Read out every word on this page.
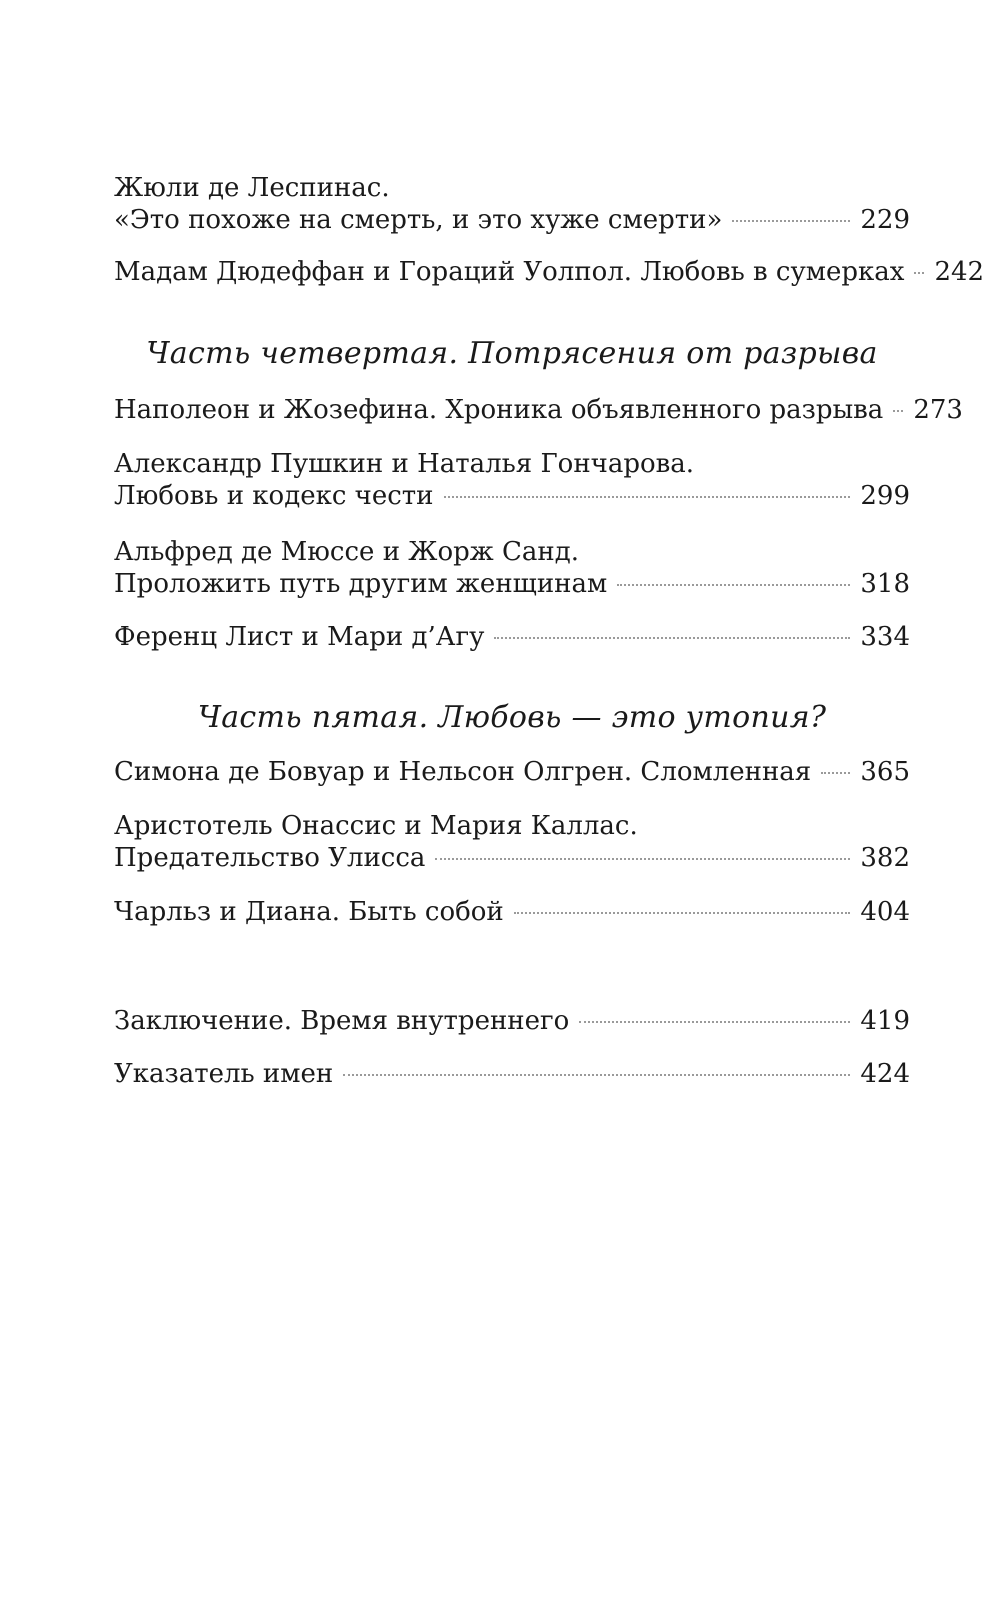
Жюли де Леспинас.
«Это похоже на смерть, и это хуже смерти»	229
Мадам Дюдеффан и Гораций Уолпол. Любовь в сумерках 242
Часть четвертая. Потрясения от разрыва
Наполеон и Жозефина. Хроника объявленного разрыва 273
Александр Пушкин и Наталья Гончарова.
Любовь и кодекс чести	299
Альфред де Мюссе и Жорж Санд.
Проложить путь другим женщинам	318
Ференц Лист и Мари д’Агу	334
Часть пятая. Любовь — это утопия?
Симона де Бовуар и Нельсон Олгрен. Сломленная 365
Аристотель Онассис и Мария Каллас.
Предательство Улисса	382
Чарльз и Диана. Быть собой	404
Заключение. Время внутреннего	419
Указатель имен	424
